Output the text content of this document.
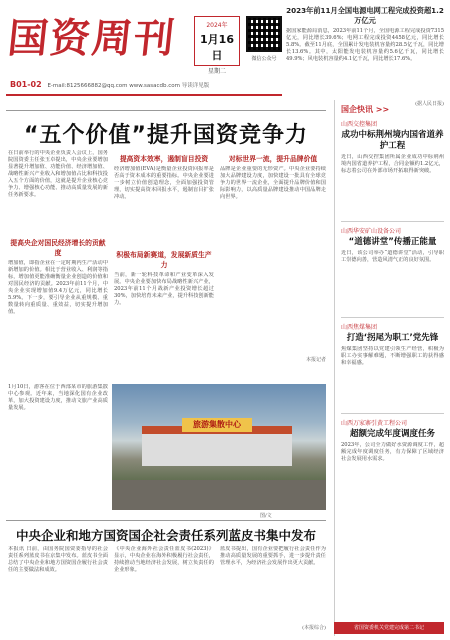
国资周刊	2024年
1月16日
星期二
微信公众号
B01-02 E-mail:8125666882@qq.com www.sasacdb.com 导读详见版
2023年前11月全国电源电网工程完成投资超1.2万亿元
据国家能源局消息，2023年前11个月，全国电源工程完成投资7315亿元，同比增长39.6%；电网工程完成投资4458亿元，同比增长5.8%。截至11月底，全国累计发电装机容量约28.5亿千瓦，同比增长13.6%。其中，太阳能发电装机容量约5.6亿千瓦，同比增长49.9%；风电装机容量约4.1亿千瓦，同比增长17.6%。
(据人民日报)
“五个价值”提升国资竞争力
在日前举行的中央企业负责人会议上，国务院国资委主任张玉卓提出，中央企业要增加显著提升增加值、功能价值、经济增加值、战略性新兴产业收入和增加值占比和科技投入五个方面的价值，这就是提升企业核心竞争力、增强核心功能、推动高质量发展的新任务新要求。
提高央企对国民经济增长的贡献度
增加值，即指企业在一定时期内生产活动中新增加的价值。相比于营业收入、利润等指标，增加值更能准确衡量企业创造的价值和对国民经济的贡献。2023年前11个月，中央企业实现增加值9.4万亿元，同比增长5.9%。下一步，要引导企业从重规模、重数量转向重质量、重效益，切实提升增加值。
提高资本效率，遏制盲目投资
经济增加值(EVA)是衡量企业投资回报率是否高于资本成本的重要指标。中央企业要进一步树立价值创造理念，全面加强投资管理，切实提高资本回报水平，遏制盲目扩张冲动。
积极布局新赛道，发展新质生产力
当前，新一轮科技革命和产业变革深入发展。中央企业要加快布局战略性新兴产业，2023年前11个月战新产业投资增长超过30%，加快培育未来产业，提升科技创新能力。
对标世界一流，提升品牌价值
品牌是企业重要的无形资产。中央企业要持续加大品牌建设力度，加快建设一批具有全球竞争力的世界一流企业，全面提升品牌价值和国际影响力，以高质量品牌建设推动中国品牌走向世界。
本报记者
1月10日，游客在位于西部某市的旅游集散中心参观。近年来，当地深化国有企业改革，加大投资建设力度，推动文旅产业高质量发展。
旅游集散中心
图/文
中央企业和地方国资国企社会责任系列蓝皮书集中发布
本报讯 日前，由国务院国资委指导的社会责任系列蓝皮书在京集中发布。蓝皮书全面总结了中央企业和地方国资国企履行社会责任的主要做法和成效。
《中央企业海外社会责任蓝皮书(2023)》显示，中央企业在海外积极履行社会责任，持续推动当地经济社会发展，树立负责任的企业形象。
蓝皮书提出，国有企业要把履行社会责任作为推动高质量发展的重要抓手，进一步提升责任管理水平，为经济社会发展作出更大贡献。
(本报综合)
国企快讯 >>
山西交控集团
成功中标荆州境内国省道养护工程
近日，山西交控集团所属企业成功中标荆州境内国省道养护工程，合同金额约1.2亿元，标志着公司在外部市场开拓取得新突破。
山西华安矿山设备公司
“道德讲堂”传播正能量
近日，该公司举办“道德讲堂”活动，引导职工崇德向善，营造风清气正的良好氛围。
山西焦煤集团
打造‘拐尾为职工’党先锋
焦煤集团坚持以党建引领生产经营，积极为职工办实事解难题，不断增强职工的获得感和幸福感。
山西万家寨引黄工程公司
超额完成年度调度任务
2023年，公司全力做好水资源调度工作，超额完成年度调度任务，有力保障了区域经济社会发展用水需求。
省国资委机关党建完成第二书记
